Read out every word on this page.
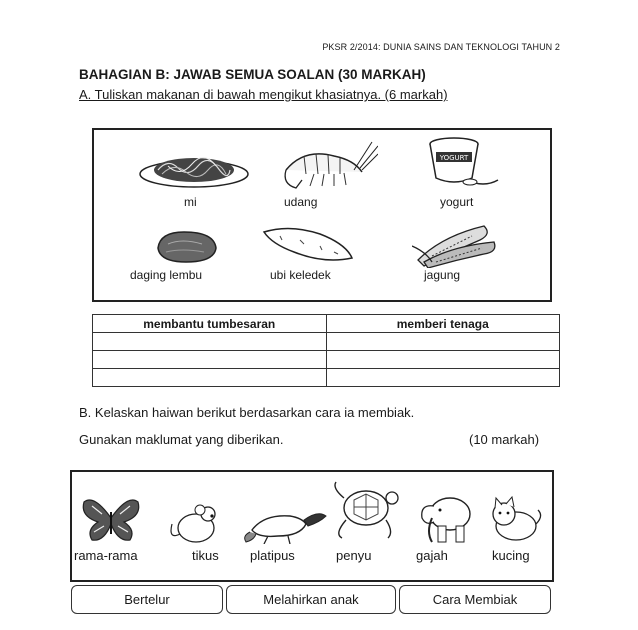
PKSR 2/2014: DUNIA SAINS DAN TEKNOLOGI TAHUN 2
BAHAGIAN B: JAWAB SEMUA SOALAN (30 MARKAH)
A. Tuliskan makanan di bawah mengikut khasiatnya. (6 markah)
YOGURT
mi	udang	yogurt
daging lembu	ubi keledek	jagung
membantu tumbesaran	memberi tenaga

B. Kelaskan haiwan berikut berdasarkan cara ia membiak.
Gunakan maklumat yang diberikan.	(10 markah)
rama-rama	tikus platipus	penyu	gajah	kucing
Bertelur	Melahirkan anak	Cara Membiak
